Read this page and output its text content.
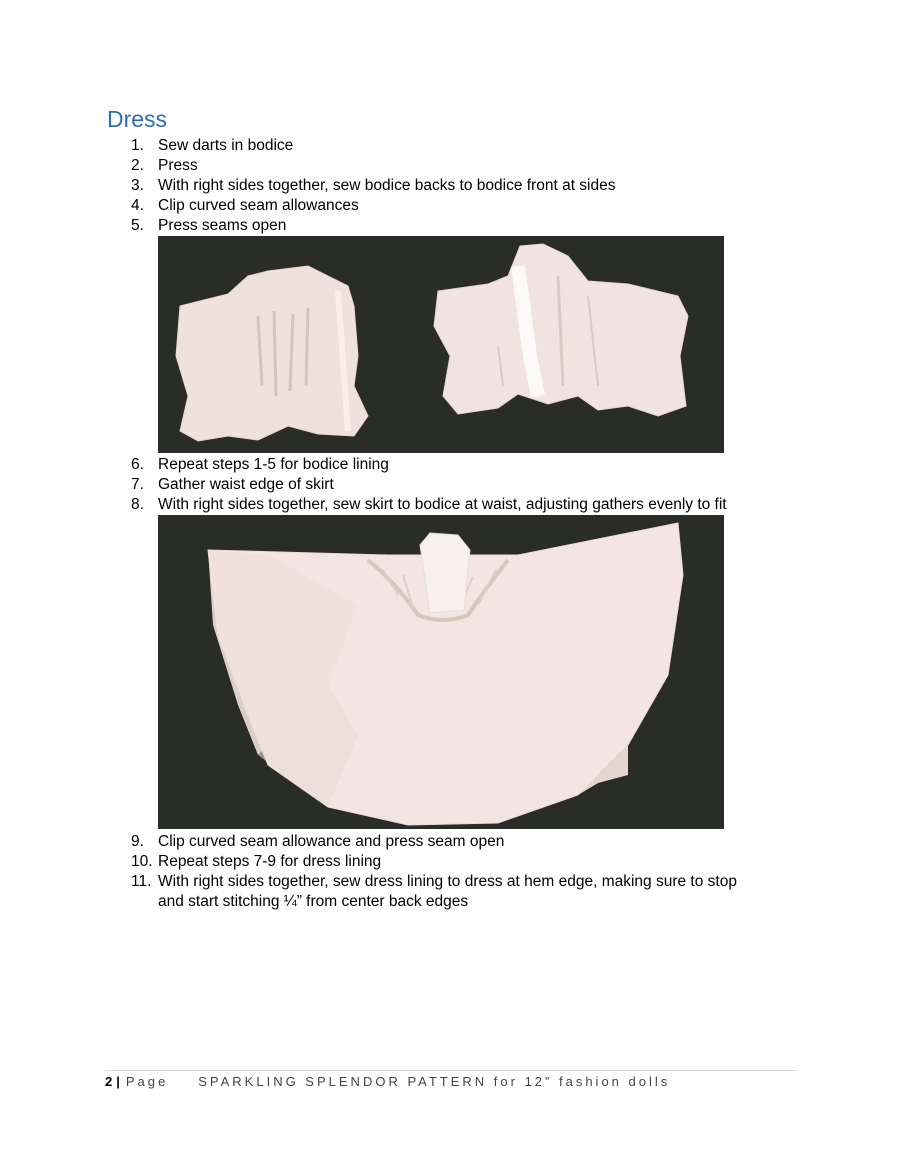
Dress
1. Sew darts in bodice
2. Press
3. With right sides together, sew bodice backs to bodice front at sides
4. Clip curved seam allowances
5. Press seams open
6. Repeat steps 1-5 for bodice lining
7. Gather waist edge of skirt
8. With right sides together, sew skirt to bodice at waist, adjusting gathers evenly to fit
9. Clip curved seam allowance and press seam open
10. Repeat steps 7-9 for dress lining
11. With right sides together, sew dress lining to dress at hem edge, making sure to stop
and start stitching ¼” from center back edges
2 | Page SPARKLING SPLENDOR PATTERN for 12” fashion dolls
